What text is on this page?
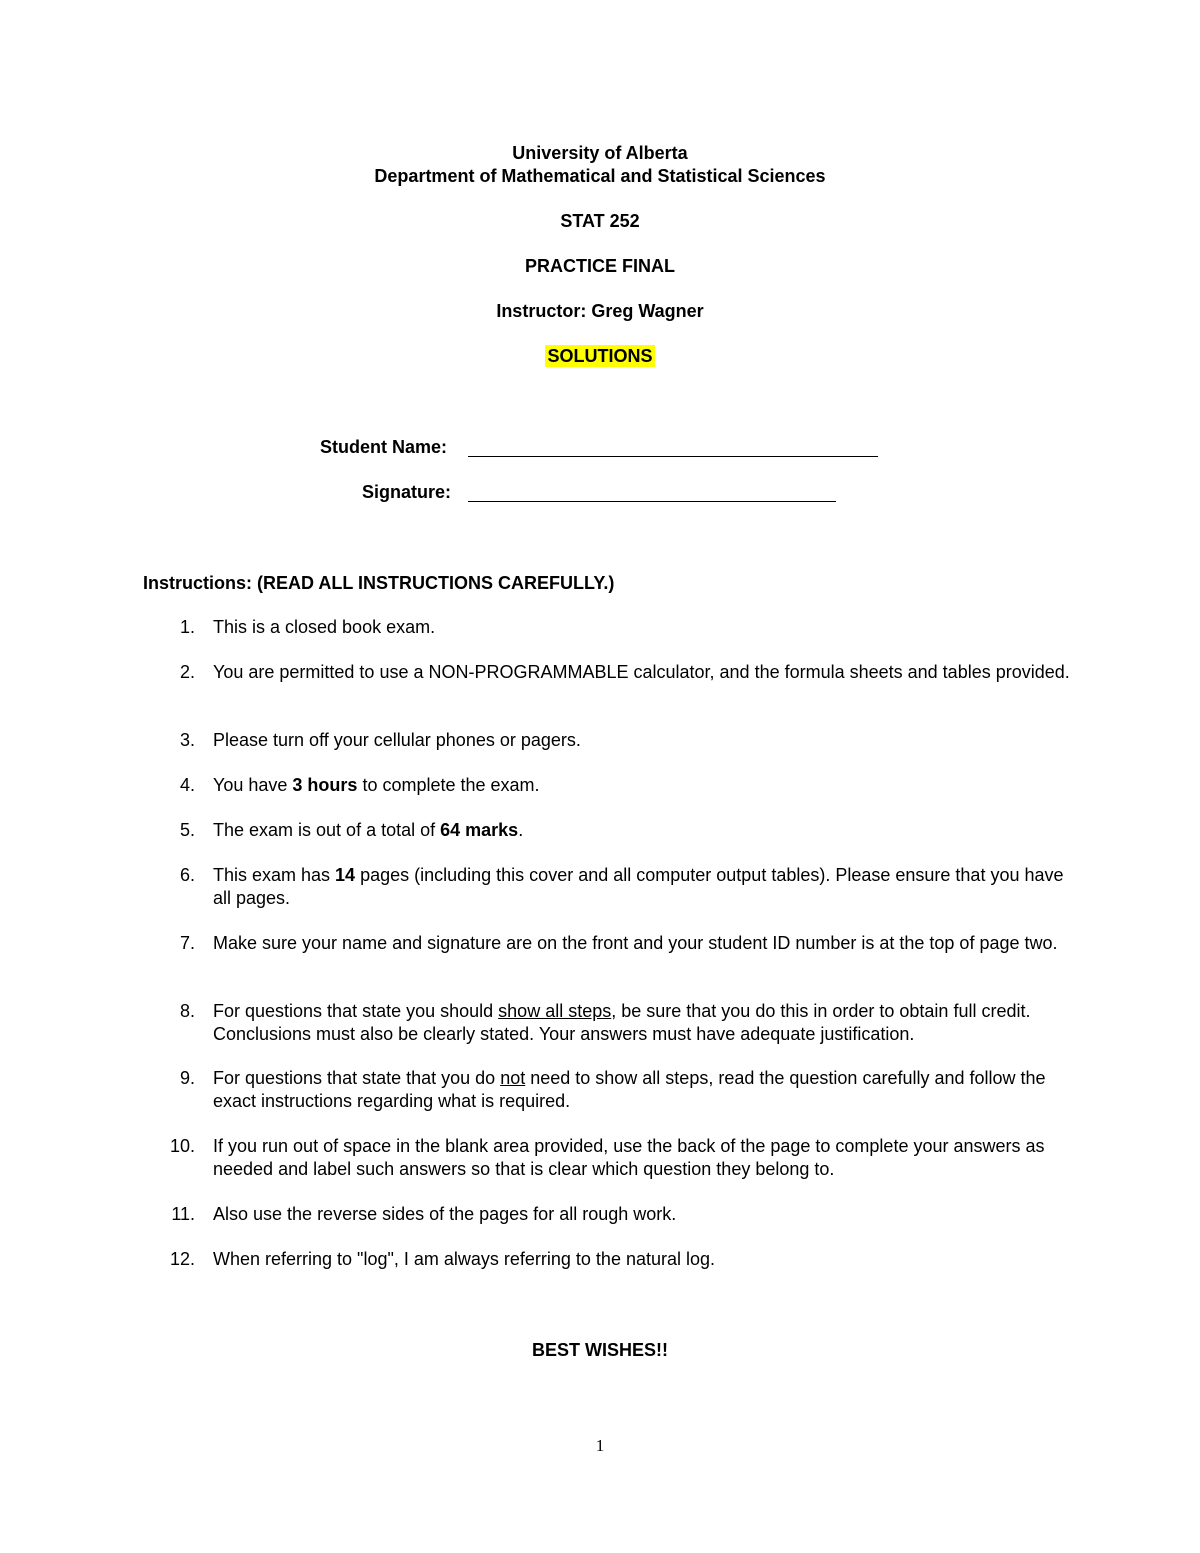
University of Alberta
Department of Mathematical and Statistical Sciences
STAT 252
PRACTICE FINAL
Instructor: Greg Wagner
SOLUTIONS
Student Name:
Signature:
Instructions: (READ ALL INSTRUCTIONS CAREFULLY.)
1. This is a closed book exam.
2. You are permitted to use a NON-PROGRAMMABLE calculator, and the formula sheets and tables provided.
3. Please turn off your cellular phones or pagers.
4. You have 3 hours to complete the exam.
5. The exam is out of a total of 64 marks.
6. This exam has 14 pages (including this cover and all computer output tables). Please ensure that you have all pages.
7. Make sure your name and signature are on the front and your student ID number is at the top of page two.
8. For questions that state you should show all steps, be sure that you do this in order to obtain full credit. Conclusions must also be clearly stated. Your answers must have adequate justification.
9. For questions that state that you do not need to show all steps, read the question carefully and follow the exact instructions regarding what is required.
10. If you run out of space in the blank area provided, use the back of the page to complete your answers as needed and label such answers so that is clear which question they belong to.
11. Also use the reverse sides of the pages for all rough work.
12. When referring to "log", I am always referring to the natural log.
BEST WISHES!!
1
